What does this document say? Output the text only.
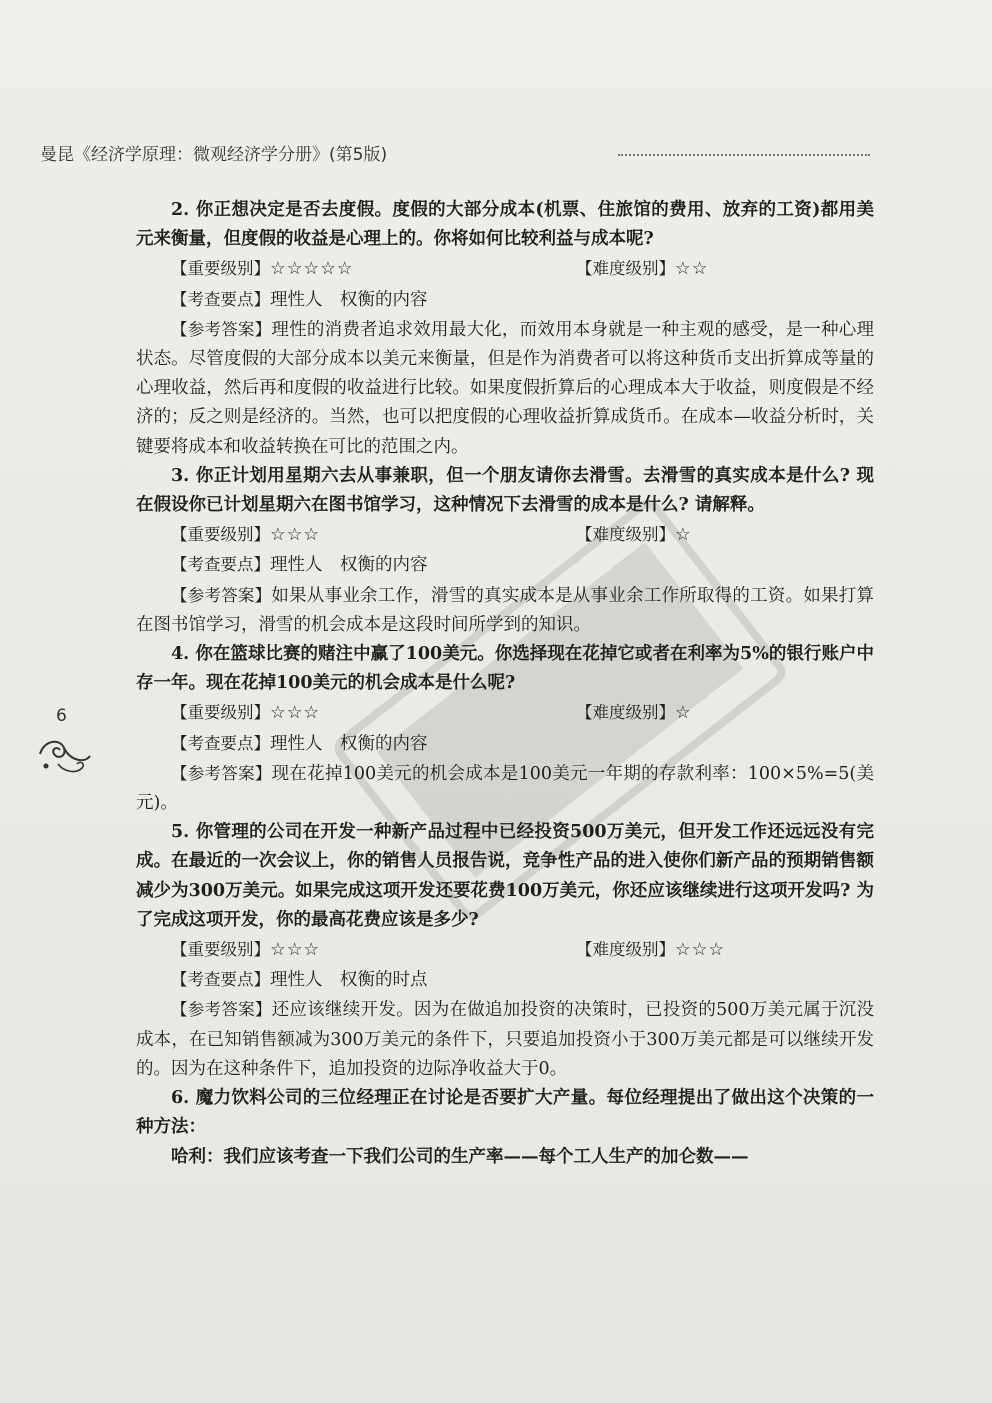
曼昆《经济学原理：微观经济学分册》(第5版)

2. 你正想决定是否去度假。度假的大部分成本(机票、住旅馆的费用、放弃的工资)都用美元来衡量，但度假的收益是心理上的。你将如何比较利益与成本呢?

【重要级别】☆☆☆☆☆	【难度级别】☆☆

【考查要点】理性人　权衡的内容

【参考答案】理性的消费者追求效用最大化，而效用本身就是一种主观的感受，是一种心理状态。尽管度假的大部分成本以美元来衡量，但是作为消费者可以将这种货币支出折算成等量的心理收益，然后再和度假的收益进行比较。如果度假折算后的心理成本大于收益，则度假是不经济的；反之则是经济的。当然，也可以把度假的心理收益折算成货币。在成本—收益分析时，关键要将成本和收益转换在可比的范围之内。

3. 你正计划用星期六去从事兼职，但一个朋友请你去滑雪。去滑雪的真实成本是什么? 现在假设你已计划星期六在图书馆学习，这种情况下去滑雪的成本是什么? 请解释。

【重要级别】☆☆☆	【难度级别】☆

【考查要点】理性人　权衡的内容

【参考答案】如果从事业余工作，滑雪的真实成本是从事业余工作所取得的工资。如果打算在图书馆学习，滑雪的机会成本是这段时间所学到的知识。

4. 你在篮球比赛的赌注中赢了100美元。你选择现在花掉它或者在利率为5%的银行账户中存一年。现在花掉100美元的机会成本是什么呢?

【重要级别】☆☆☆	【难度级别】☆

【考查要点】理性人　权衡的内容

【参考答案】现在花掉100美元的机会成本是100美元一年期的存款利率：100×5%=5(美元)。

5. 你管理的公司在开发一种新产品过程中已经投资500万美元，但开发工作还远远没有完成。在最近的一次会议上，你的销售人员报告说，竞争性产品的进入使你们新产品的预期销售额减少为300万美元。如果完成这项开发还要花费100万美元，你还应该继续进行这项开发吗? 为了完成这项开发，你的最高花费应该是多少?

【重要级别】☆☆☆	【难度级别】☆☆☆

【考查要点】理性人　权衡的时点

【参考答案】还应该继续开发。因为在做追加投资的决策时，已投资的500万美元属于沉没成本，在已知销售额减为300万美元的条件下，只要追加投资小于300万美元都是可以继续开发的。因为在这种条件下，追加投资的边际净收益大于0。

6. 魔力饮料公司的三位经理正在讨论是否要扩大产量。每位经理提出了做出这个决策的一种方法：

哈利：我们应该考查一下我们公司的生产率——每个工人生产的加仑数——

6
